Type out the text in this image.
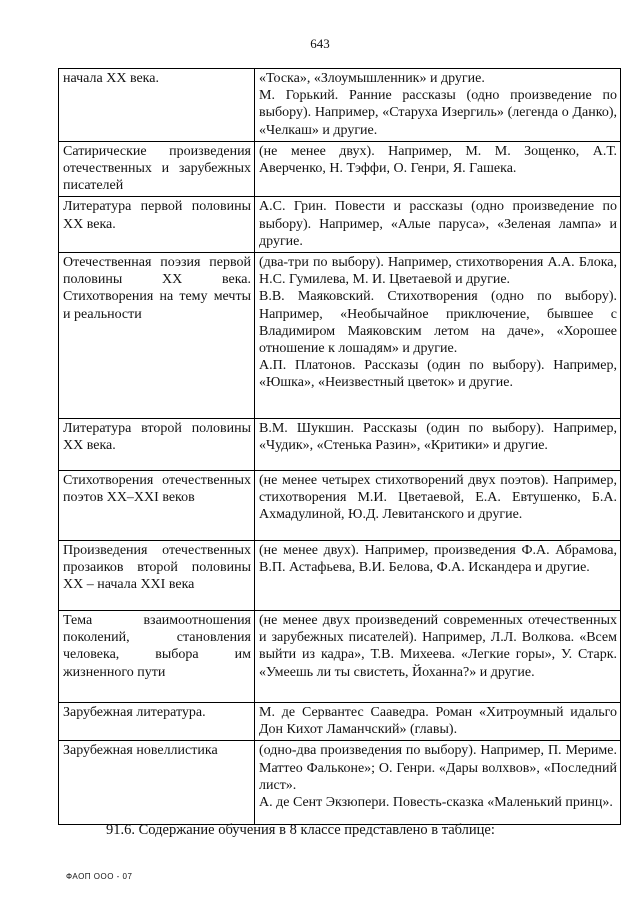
643
начала XX века.	«Тоска», «Злоумышленник» и другие.

М. Горький. Ранние рассказы (одно произведение по выбору). Например, «Старуха Изергиль» (легенда о Данко), «Челкаш» и другие.

Сатирические произведения отечественных и зарубежных писателей	(не менее двух). Например, М. М. Зощенко, А.Т. Аверченко, Н. Тэффи, О. Генри, Я. Гашека.

Литература первой половины XX века.	А.С. Грин. Повести и рассказы (одно произведение по выбору). Например, «Алые паруса», «Зеленая лампа» и другие.

Отечественная поэзия первой половины XX века. Стихотворения на тему мечты и реальности	(два-три по выбору). Например, стихотворения А.А. Блока, Н.С. Гумилева, М. И. Цветаевой и другие.

В.В. Маяковский. Стихотворения (одно по выбору). Например, «Необычайное приключение, бывшее с Владимиром Маяковским летом на даче», «Хорошее отношение к лошадям» и другие.

А.П. Платонов. Рассказы (один по выбору). Например, «Юшка», «Неизвестный цветок» и другие.

Литература второй половины XX века.	В.М. Шукшин. Рассказы (один по выбору). Например, «Чудик», «Стенька Разин», «Критики» и другие.

Стихотворения отечественных поэтов XX–XXI веков	(не менее четырех стихотворений двух поэтов). Например, стихотворения М.И. Цветаевой, Е.А. Евтушенко, Б.А. Ахмадулиной, Ю.Д. Левитанского и другие.

Произведения отечественных прозаиков второй половины XX – начала XXI века	(не менее двух). Например, произведения Ф.А. Абрамова, В.П. Астафьева, В.И. Белова, Ф.А. Искандера и другие.

Тема взаимоотношения поколений, становления человека, выбора им жизненного пути	(не менее двух произведений современных отечественных и зарубежных писателей). Например, Л.Л. Волкова. «Всем выйти из кадра», Т.В. Михеева. «Легкие горы», У. Старк. «Умеешь ли ты свистеть, Йоханна?» и другие.

Зарубежная литература.	М. де Сервантес Сааведра. Роман «Хитроумный идальго Дон Кихот Ламанчский» (главы).

Зарубежная новеллистика	(одно-два произведения по выбору). Например, П. Мериме. Маттео Фальконе»; О. Генри. «Дары волхвов», «Последний лист».

А. де Сент Экзюпери. Повесть-сказка «Маленький принц».

91.6. Содержание обучения в 8 классе представлено в таблице:
ФАОП ООО - 07
